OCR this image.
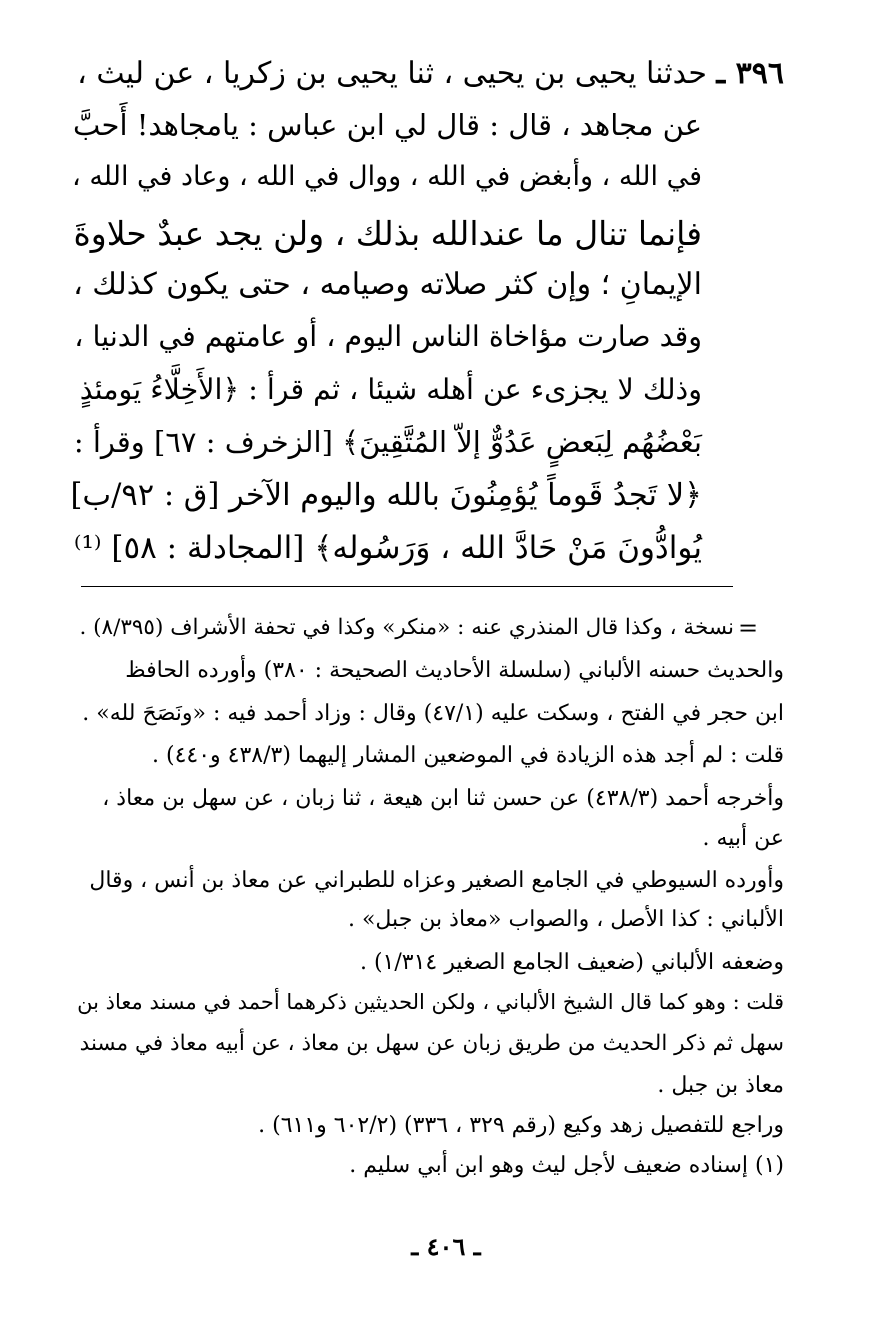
٣٩٦ ـ حدثنا يحيى بن يحيى ، ثنا يحيى بن زكريا ، عن ليث ،
عن مجاهد ، قال : قال لي ابن عباس : يامجاهد! أَحبَّ
في الله ، وأبغض في الله ، ووال في الله ، وعاد في الله ،
فإنما تنال ما عندالله بذلك ، ولن يجد عبدٌ حلاوةَ
الإيمانِ ؛ وإن كثر صلاته وصيامه ، حتى يكون كذلك ،
وقد صارت مؤاخاة الناس اليوم ، أو عامتهم في الدنيا ،
وذلك لا يجزىء عن أهله شيئا ، ثم قرأ : ﴿الأَخِلَّاءُ يَومئذٍ
بَعْضُهُم لِبَعضٍ عَدُوٌّ إلاّ المُتَّقِينَ﴾ [الزخرف : ٦٧] وقرأ :
﴿لا تَجدُ قَوماً يُؤمِنُونَ بالله واليوم الآخر [ق : ٩٢/ب]
يُوادُّونَ مَنْ حَادَّ الله ، وَرَسُوله﴾ [المجادلة : ٥٨] ⁽¹⁾
=
نسخة ، وكذا قال المنذري عنه : «منكر» وكذا في تحفة الأشراف (٨/٣٩٥) .
والحديث حسنه الألباني (سلسلة الأحاديث الصحيحة : ٣٨٠) وأورده الحافظ
ابن حجر في الفتح ، وسكت عليه (٤٧/١) وقال : وزاد أحمد فيه : «ونَصَحَ لله» .
قلت : لم أجد هذه الزيادة في الموضعين المشار إليهما (٤٣٨/٣ و٤٤٠) .
وأخرجه أحمد (٤٣٨/٣) عن حسن ثنا ابن هيعة ، ثنا زبان ، عن سهل بن معاذ ،
عن أبيه .
وأورده السيوطي في الجامع الصغير وعزاه للطبراني عن معاذ بن أنس ، وقال
الألباني : كذا الأصل ، والصواب «معاذ بن جبل» .
وضعفه الألباني (ضعيف الجامع الصغير ١/٣١٤) .
قلت : وهو كما قال الشيخ الألباني ، ولكن الحديثين ذكرهما أحمد في مسند معاذ بن
سهل ثم ذكر الحديث من طريق زبان عن سهل بن معاذ ، عن أبيه معاذ في مسند
معاذ بن جبل .
وراجع للتفصيل زهد وكيع (رقم ٣٢٩ ، ٣٣٦) (٦٠٢/٢ و٦١١) .
(١) إسناده ضعيف لأجل ليث وهو ابن أبي سليم .
ـ ٤٠٦ ـ
